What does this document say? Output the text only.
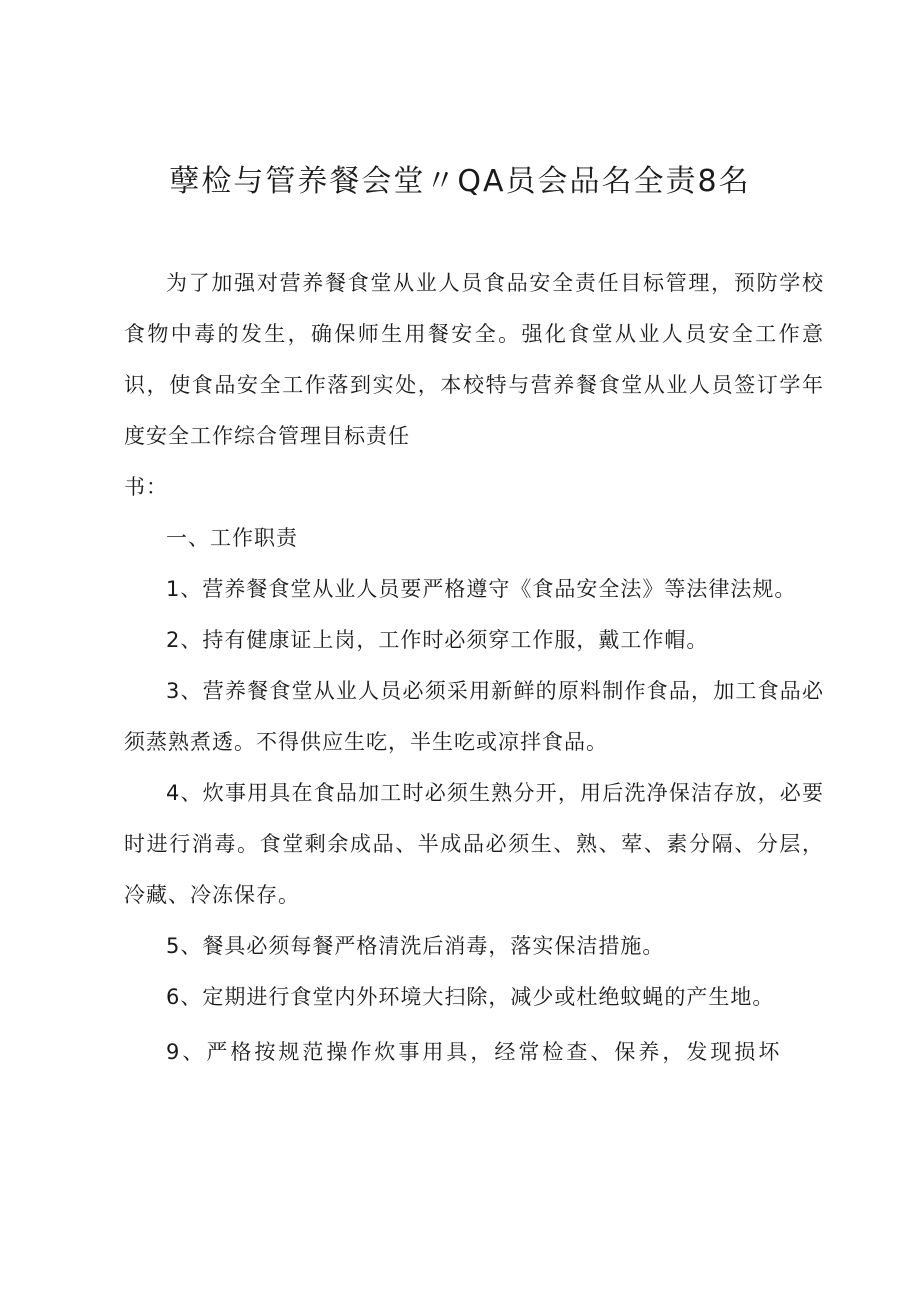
孽检与管养餐会堂〃QA员会品名全责8名

为了加强对营养餐食堂从业人员食品安全责任目标管理，预防学校食物中毒的发生，确保师生用餐安全。强化食堂从业人员安全工作意识，使食品安全工作落到实处，本校特与营养餐食堂从业人员签订学年度安全工作综合管理目标责任

书：

一、工作职责

1、营养餐食堂从业人员要严格遵守《食品安全法》等法律法规。

2、持有健康证上岗，工作时必须穿工作服，戴工作帽。

3、营养餐食堂从业人员必须采用新鲜的原料制作食品，加工食品必须蒸熟煮透。不得供应生吃，半生吃或凉拌食品。

4、炊事用具在食品加工时必须生熟分开，用后洗净保洁存放，必要时进行消毒。食堂剩余成品、半成品必须生、熟、荤、素分隔、分层，冷藏、冷冻保存。

5、餐具必须每餐严格清洗后消毒，落实保洁措施。

6、定期进行食堂内外环境大扫除，减少或杜绝蚊蝇的产生地。

9、严格按规范操作炊事用具，经常检查、保养，发现损坏
